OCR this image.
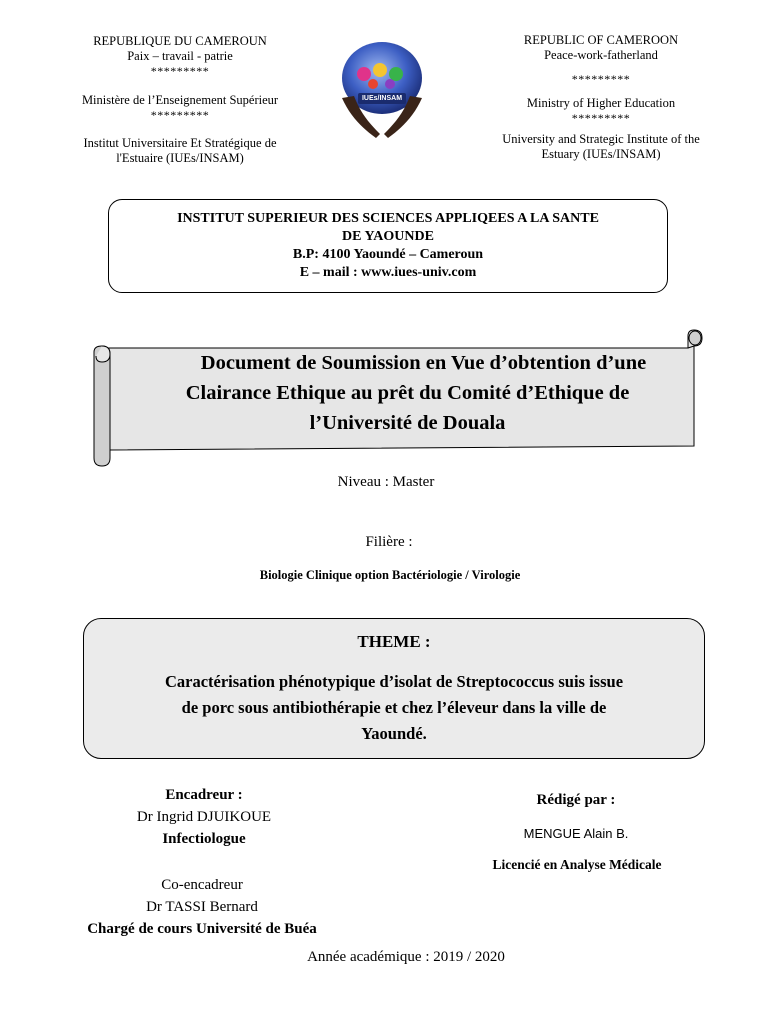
REPUBLIQUE DU CAMEROUN
Paix – travail - patrie
*********
Ministère de l’Enseignement Supérieur
*********
Institut Universitaire Et Stratégique de
l'Estuaire (IUEs/INSAM)
IUEs/INSAM
REPUBLIC OF CAMEROON
Peace-work-fatherland
*********
Ministry of Higher Education
*********
University and Strategic Institute of the
Estuary (IUEs/INSAM)
INSTITUT SUPERIEUR DES SCIENCES APPLIQEES A LA SANTE
DE YAOUNDE
B.P: 4100 Yaoundé – Cameroun
E – mail : www.iues-univ.com
Document de Soumission en Vue d’obtention d’une
Clairance Ethique au prêt du Comité d’Ethique de
l’Université de Douala
Niveau : Master
Filière :
Biologie Clinique option Bactériologie / Virologie
THEME :
Caractérisation phénotypique d’isolat de Streptococcus suis issue
de porc sous antibiothérapie et chez l’éleveur dans la ville de
Yaoundé.
Encadreur :
Dr Ingrid DJUIKOUE
Infectiologue
Co-encadreur
Dr TASSI Bernard
Chargé de cours Université de Buéa
Rédigé par :
MENGUE Alain B.
Licencié en Analyse Médicale
Année académique : 2019 / 2020
